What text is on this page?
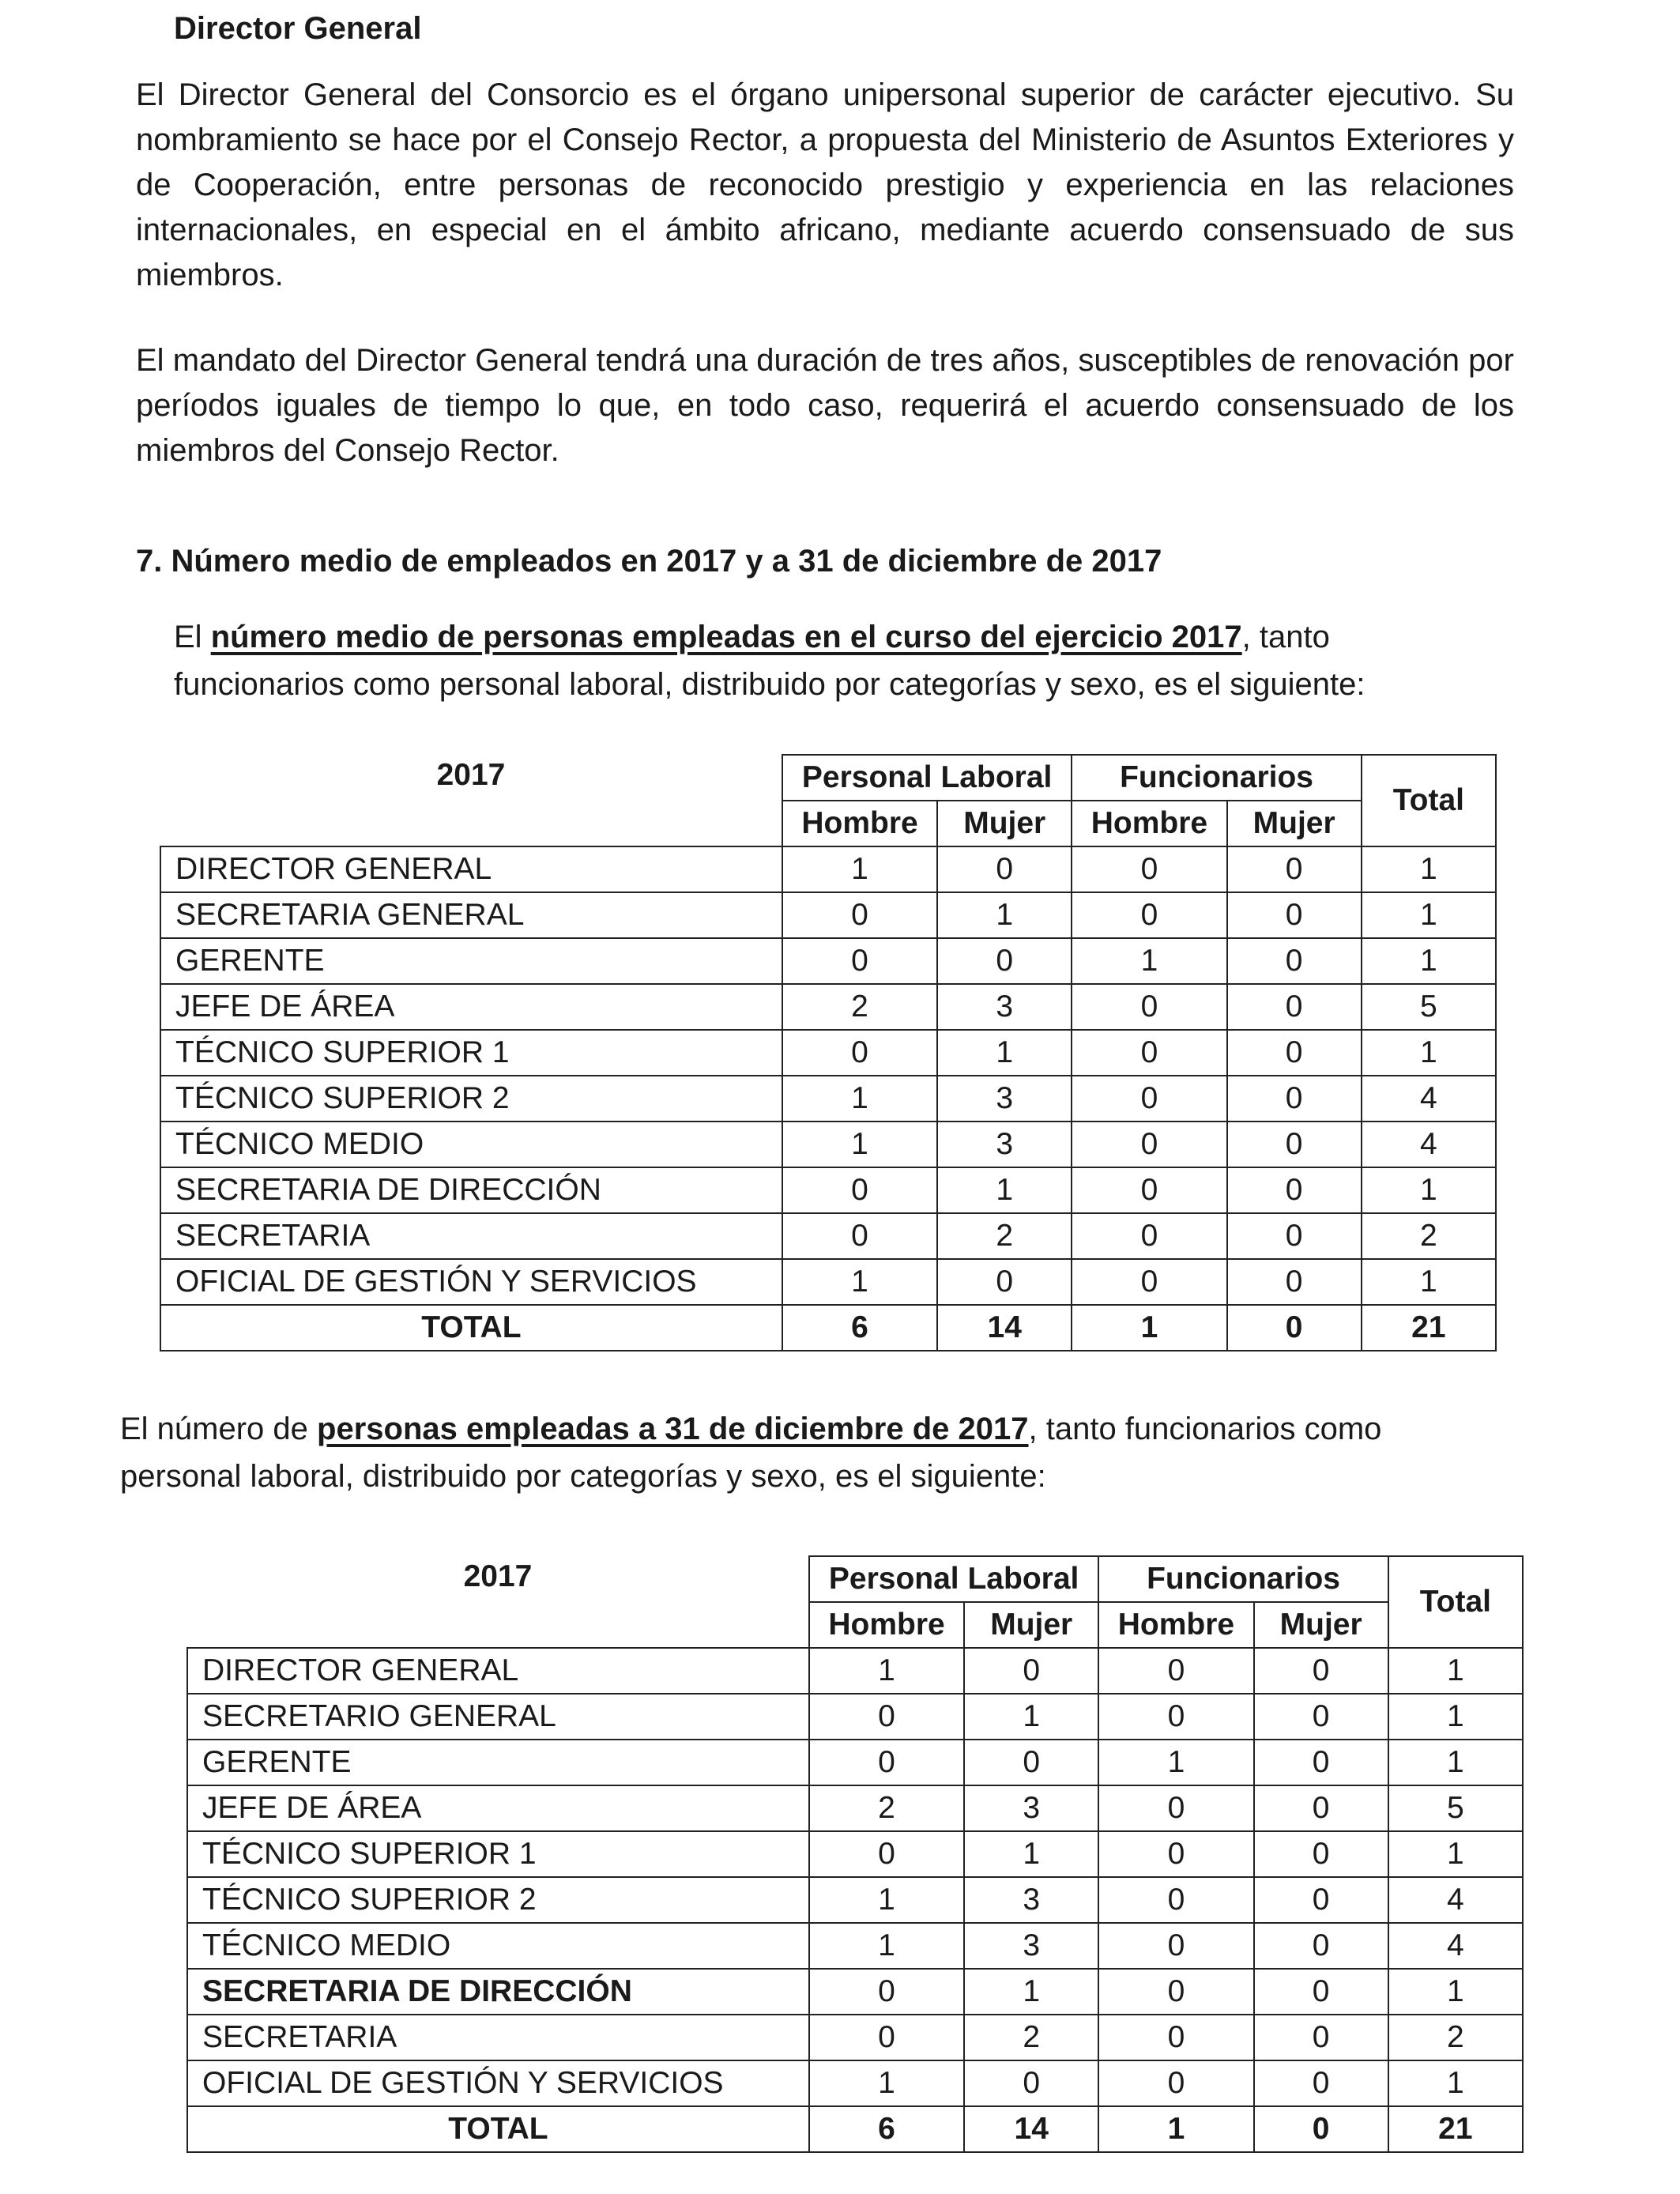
Director General
El Director General del Consorcio es el órgano unipersonal superior de carácter ejecutivo. Su nombramiento se hace por el Consejo Rector, a propuesta del Ministerio de Asuntos Exteriores y de Cooperación, entre personas de reconocido prestigio y experiencia en las relaciones internacionales, en especial en el ámbito africano, mediante acuerdo consensuado de sus miembros.
El mandato del Director General tendrá una duración de tres años, susceptibles de renovación por períodos iguales de tiempo lo que, en todo caso, requerirá el acuerdo consensuado de los miembros del Consejo Rector.
7. Número medio de empleados en 2017 y a 31 de diciembre de 2017
El número medio de personas empleadas en el curso del ejercicio 2017, tanto funcionarios como personal laboral, distribuido por categorías y sexo, es el siguiente:
2017	Personal Laboral		Funcionarios		Total
	Hombre	Mujer	Hombre	Mujer	
DIRECTOR GENERAL	1	0	0	0	1
SECRETARIA GENERAL	0	1	0	0	1
GERENTE	0	0	1	0	1
JEFE DE ÁREA	2	3	0	0	5
TÉCNICO SUPERIOR 1	0	1	0	0	1
TÉCNICO SUPERIOR 2	1	3	0	0	4
TÉCNICO MEDIO	1	3	0	0	4
SECRETARIA DE DIRECCIÓN	0	1	0	0	1
SECRETARIA	0	2	0	0	2
OFICIAL DE GESTIÓN Y SERVICIOS	1	0	0	0	1
TOTAL	6	14	1	0	21
El número de personas empleadas a 31 de diciembre de 2017, tanto funcionarios como personal laboral, distribuido por categorías y sexo, es el siguiente:
2017	Personal Laboral		Funcionarios		Total
	Hombre	Mujer	Hombre	Mujer	
DIRECTOR GENERAL	1	0	0	0	1
SECRETARIO GENERAL	0	1	0	0	1
GERENTE	0	0	1	0	1
JEFE DE ÁREA	2	3	0	0	5
TÉCNICO SUPERIOR 1	0	1	0	0	1
TÉCNICO SUPERIOR 2	1	3	0	0	4
TÉCNICO MEDIO	1	3	0	0	4
SECRETARIA DE DIRECCIÓN	0	1	0	0	1
SECRETARIA	0	2	0	0	2
OFICIAL DE GESTIÓN Y SERVICIOS	1	0	0	0	1
TOTAL	6	14	1	0	21
